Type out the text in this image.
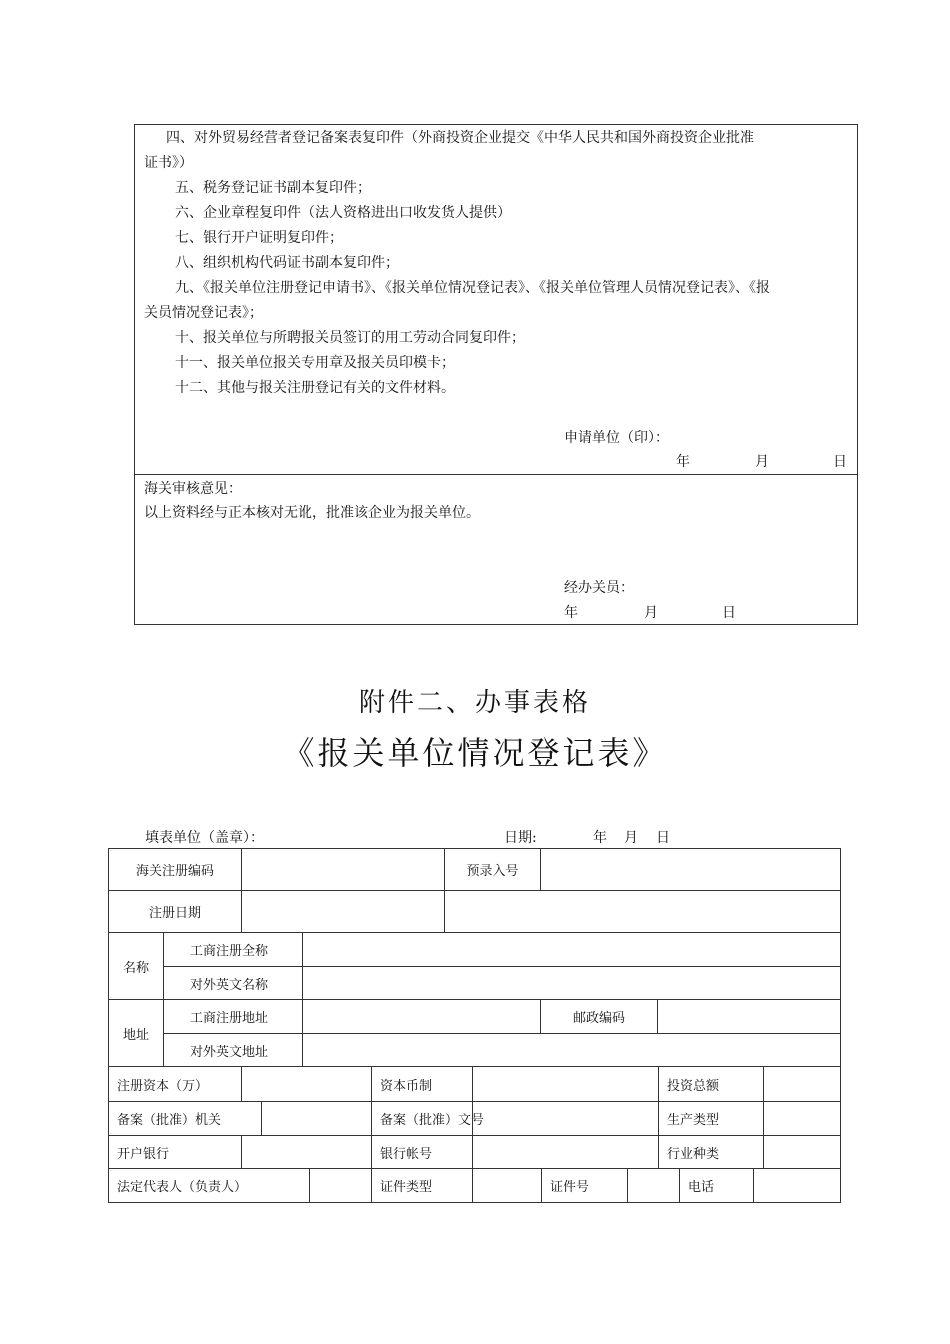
四、对外贸易经营者登记备案表复印件（外商投资企业提交《中华人民共和国外商投资企业批准
证书》）
五、税务登记证书副本复印件；
六、企业章程复印件（法人资格进出口收发货人提供）
七、银行开户证明复印件；
八、组织机构代码证书副本复印件；
九、《报关单位注册登记申请书》、《报关单位情况登记表》、《报关单位管理人员情况登记表》、《报
关员情况登记表》；
十、报关单位与所聘报关员签订的用工劳动合同复印件；
十一、报关单位报关专用章及报关员印模卡；
十二、其他与报关注册登记有关的文件材料。
申请单位（印）：
年	月	日
海关审核意见：
以上资料经与正本核对无讹，批准该企业为报关单位。
经办关员：
年	月	日
附件二、办事表格
《报关单位情况登记表》
填表单位（盖章）：	日期:	年 月 日
海关注册编码	预录入号
注册日期
名称
工商注册全称
对外英文名称
地址
工商注册地址	邮政编码
对外英文地址
注册资本（万）	资本币制	投资总额
备案（批准）机关	备案（批准）文号	生产类型
开户银行	银行帐号	行业种类
法定代表人（负责人）	证件类型	证件号	电话
